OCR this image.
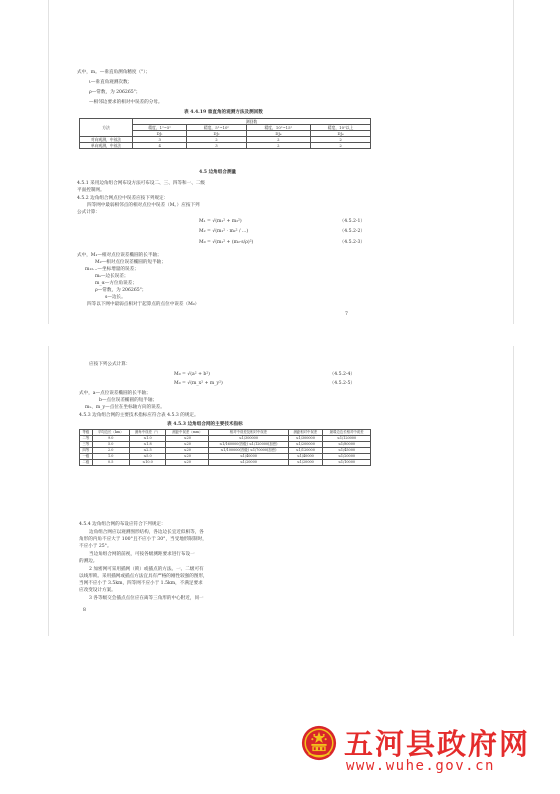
式中，m。—垂直角测角精度（"）；
ι—垂直角观测次数；
ρ—常数，为 206265"；
—相邻边要求的相对中误差的分母。
表 4.4.19 垂直角的观测方法及测回数
方法	测回数			
	精度，1"~5"	精度，5"~10"	精度，10"~15"	精度，10"以上
	DJ₁	DJ₂	DJ₆	DJ₆
对向观测，中丝法	3	2	2	2
单向观测，中丝法	4	3	2	2
4.5 边角组合测量
4.5.1 采用边角组合网布设方法可布设二、三、四等和一、二级
平面控制网。
4.5.2 边角组合网点位中误差应按下列规定：
四等网中最弱相邻点的相对点位中误差（M。）应按下列
公式计算：
M₁ = √(m₁² + m₂²)	（4.5.2-1）
M₂ = √(m₁² · m₂² / ...)	（4.5.2-2）
M₀ = √(m₁² + (m₂·s/ρ)²)	（4.5.2-3）
式中，M₁—相对点位误差椭圆的长半轴；
M₂—相对点位误差椭圆的短半轴；
m₁₂...—坐标增量的误差；
mₛ—边长误差；
m_α—方位角误差；
ρ—常数，为 206265"；
s—边长。
四等以下网中最弱点相对于起算点的点位中误差（M₀）
7
应按下列公式计算：
M₀ = √(a² + b²)	（4.5.2-4）
M₀ = √(m_x² + m_y²)	（4.5.2-5）
式中，a—点位误差椭圆的长半轴；
b—点位误差椭圆的短半轴；
mₓ、m_y—点位在坐标轴方向的误差。
4.5.3 边角组合网的主要技术指标应符合表 4.5.3 的规定。
表 4.5.3 边角组合网的主要技术指标
等级	平均边长（km）	测角中误差（"）	测距中误差（mm）	相对中误差及相对中误差	测距相对中误差	最弱边边长相对中误差
二等	9.0	≤1.0	≤20	≤1/300000	≤1/300000	≤1/120000
三等	5.0	≤1.8	≤20	≤1/160000(首级) ≤1/120000(加密)	≤1/200000	≤1/80000
四等	2.0	≤2.5	≤20	≤1/100000(首级) ≤1/70000(加密)	≤1/120000	≤1/45000
一级	1.0	≤5.0	≤20	≤1/40000	≤1/40000	≤1/20000
二级	0.5	≤10.0	≤20	≤1/20000	≤1/20000	≤1/10000
4.5.4 边角组合网的布设应符合下列规定：
边角组合网应以观测图形结构，各边边长宜近似相等，各
角形的内角不应大于 100°且不应小于 30°，当受地形限制时，
不应小于 25°。
当边角组合网的前视，可按各级测距要求进行布设一
的测边。
2 加密网可采用插网（锁）或插点的方法。一、二级可有
以线形锁。采用插网或插点方法宜具有严格的刚性较强的图形，
当网不应小于 3.5km，四等网不应小于 1.5km，不满足要求
应改变设计方案。
3 各等级交会插点点位应在离等三角形的中心附近，同一
8
五河县政府网
www.wuhe.gov.cn
